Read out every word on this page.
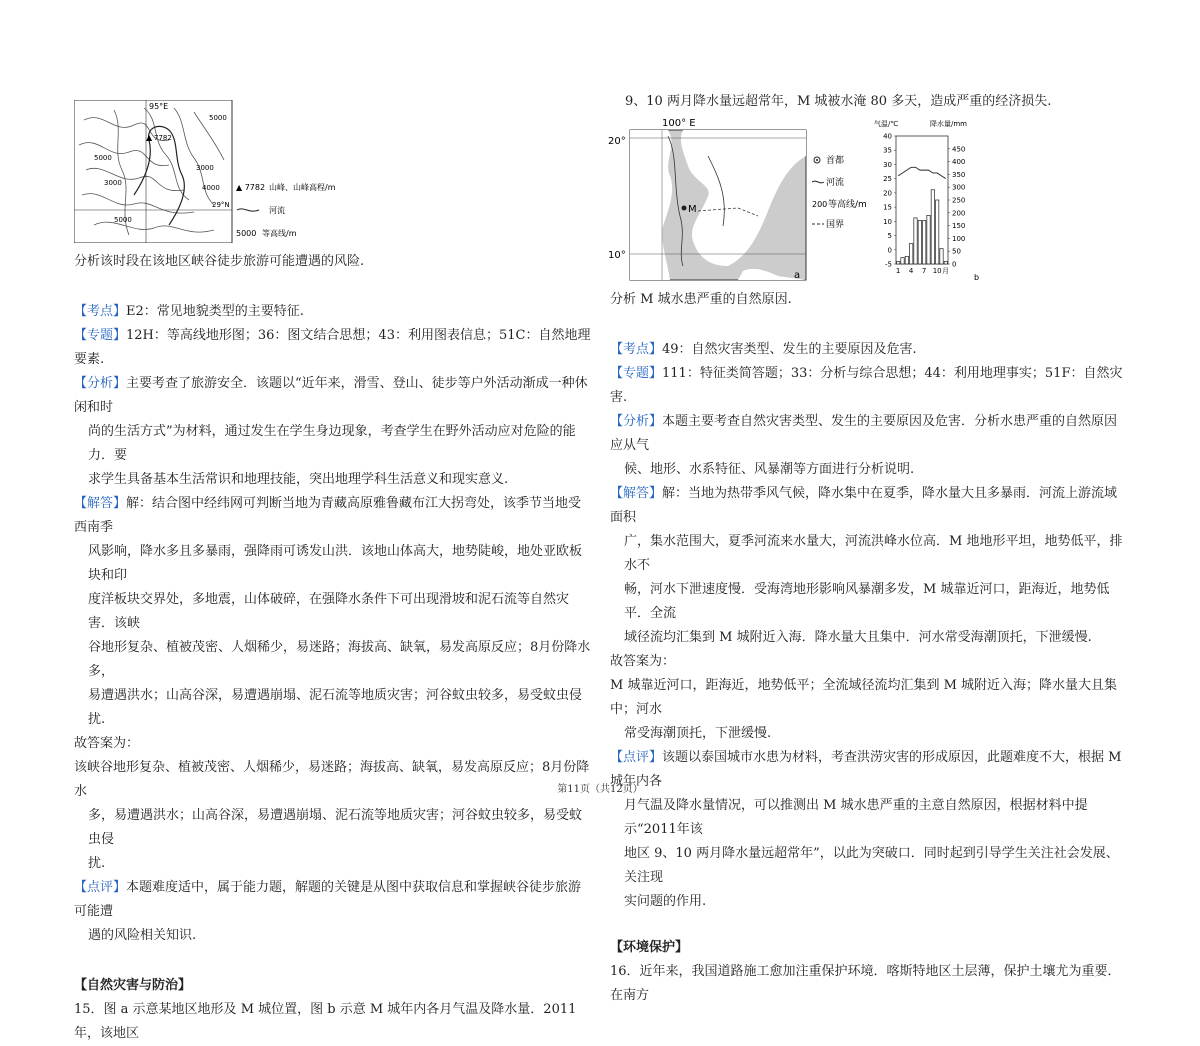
95°E
29°N
▲ 7782
5000
5000
3000
4000
3000
5000
▲ 7782 山峰、山峰高程/m
河流
5000 等高线/m

分析该时段在该地区峡谷徒步旅游可能遭遇的风险.

【考点】E2：常见地貌类型的主要特征.

【专题】12H：等高线地形图；36：图文结合思想；43：利用图表信息；51C：自然地理要素.

【分析】主要考查了旅游安全．该题以“近年来，滑雪、登山、徒步等户外活动渐成一种休闲和时

尚的生活方式”为材料，通过发生在学生身边现象，考查学生在野外活动应对危险的能力．要

求学生具备基本生活常识和地理技能，突出地理学科生活意义和现实意义.

【解答】解：结合图中经纬网可判断当地为青藏高原雅鲁藏布江大拐弯处，该季节当地受西南季

风影响，降水多且多暴雨，强降雨可诱发山洪．该地山体高大，地势陡峻，地处亚欧板块和印

度洋板块交界处，多地震，山体破碎，在强降水条件下可出现滑坡和泥石流等自然灾害．该峡

谷地形复杂、植被茂密、人烟稀少，易迷路；海拔高、缺氧，易发高原反应；8月份降水多，

易遭遇洪水；山高谷深，易遭遇崩塌、泥石流等地质灾害；河谷蚊虫较多，易受蚊虫侵扰.

故答案为：

该峡谷地形复杂、植被茂密、人烟稀少，易迷路；海拔高、缺氧，易发高原反应；8月份降水

多，易遭遇洪水；山高谷深，易遭遇崩塌、泥石流等地质灾害；河谷蚊虫较多，易受蚊虫侵

扰.

【点评】本题难度适中，属于能力题，解题的关键是从图中获取信息和掌握峡谷徒步旅游可能遭

遇的风险相关知识.

【自然灾害与防治】

15．图 a 示意某地区地形及 M 城位置，图 b 示意 M 城年内各月气温及降水量．2011 年，该地区

9、10 两月降水量远超常年，M 城被水淹 80 多天，造成严重的经济损失.

100° E
20°
10°
M
a
首都
河流
200 等高线/m
国界
气温/℃	降水量/mm
40
35
30
25
20
15
10
5
0
-5
450
400
350
300
250
200
150
100
50
0
1 4 7 10 月
b

分析 M 城水患严重的自然原因.

【考点】49：自然灾害类型、发生的主要原因及危害.

【专题】111：特征类简答题；33：分析与综合思想；44：利用地理事实；51F：自然灾害.

【分析】本题主要考查自然灾害类型、发生的主要原因及危害．分析水患严重的自然原因应从气

候、地形、水系特征、风暴潮等方面进行分析说明.

【解答】解：当地为热带季风气候，降水集中在夏季，降水量大且多暴雨．河流上游流域面积

广，集水范围大，夏季河流来水量大，河流洪峰水位高．M 地地形平坦，地势低平，排水不

畅，河水下泄速度慢．受海湾地形影响风暴潮多发，M 城靠近河口，距海近，地势低平．全流

域径流均汇集到 M 城附近入海．降水量大且集中．河水常受海潮顶托，下泄缓慢.

故答案为：

M 城靠近河口，距海近，地势低平；全流域径流均汇集到 M 城附近入海；降水量大且集中；河水

常受海潮顶托，下泄缓慢.

【点评】该题以泰国城市水患为材料，考查洪涝灾害的形成原因，此题难度不大，根据 M 城年内各

月气温及降水量情况，可以推测出 M 城水患严重的主意自然原因，根据材料中提示“2011年该

地区 9、10 两月降水量远超常年”，以此为突破口．同时起到引导学生关注社会发展、关注现

实问题的作用.

【环境保护】

16．近年来，我国道路施工愈加注重保护环境．喀斯特地区土层薄，保护土壤尤为重要．在南方

第11页（共12页）
